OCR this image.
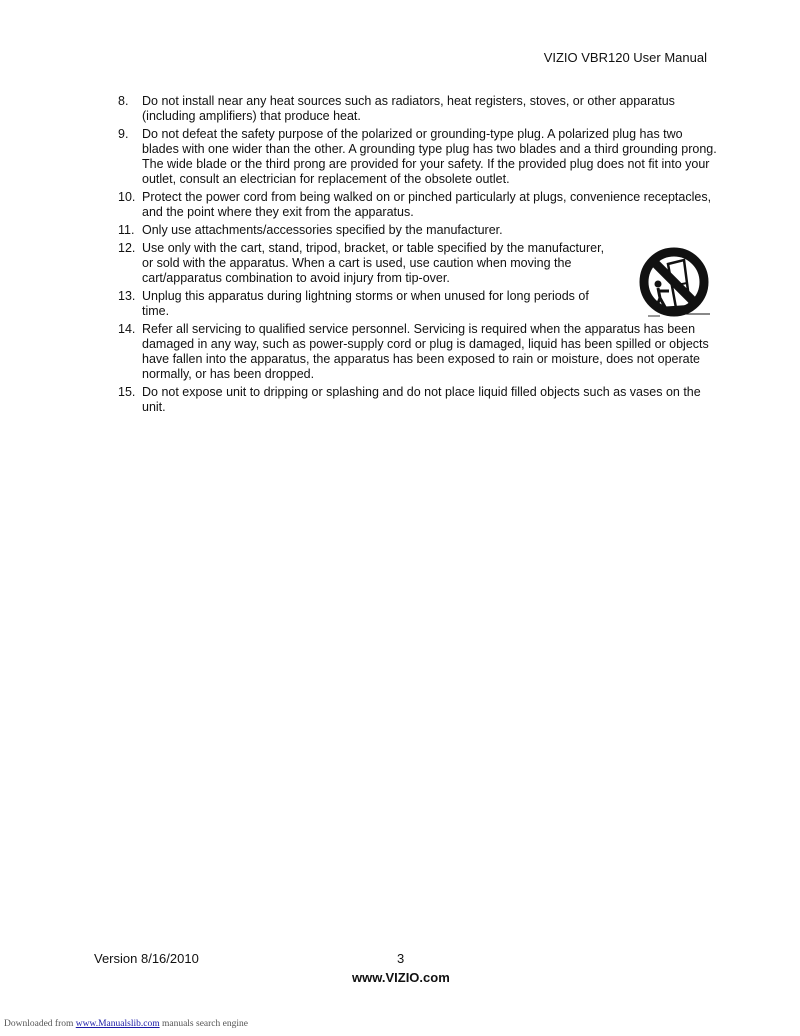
VIZIO VBR120 User Manual
8. Do not install near any heat sources such as radiators, heat registers, stoves, or other apparatus (including amplifiers) that produce heat.
9. Do not defeat the safety purpose of the polarized or grounding-type plug. A polarized plug has two blades with one wider than the other. A grounding type plug has two blades and a third grounding prong. The wide blade or the third prong are provided for your safety. If the provided plug does not fit into your outlet, consult an electrician for replacement of the obsolete outlet.
10. Protect the power cord from being walked on or pinched particularly at plugs, convenience receptacles, and the point where they exit from the apparatus.
11. Only use attachments/accessories specified by the manufacturer.
12. Use only with the cart, stand, tripod, bracket, or table specified by the manufacturer, or sold with the apparatus. When a cart is used, use caution when moving the cart/apparatus combination to avoid injury from tip-over.
13. Unplug this apparatus during lightning storms or when unused for long periods of time.
14. Refer all servicing to qualified service personnel. Servicing is required when the apparatus has been damaged in any way, such as power-supply cord or plug is damaged, liquid has been spilled or objects have fallen into the apparatus, the apparatus has been exposed to rain or moisture, does not operate normally, or has been dropped.
15. Do not expose unit to dripping or splashing and do not place liquid filled objects such as vases on the unit.
Version 8/16/2010	3
www.VIZIO.com
Downloaded from www.Manualslib.com manuals search engine
